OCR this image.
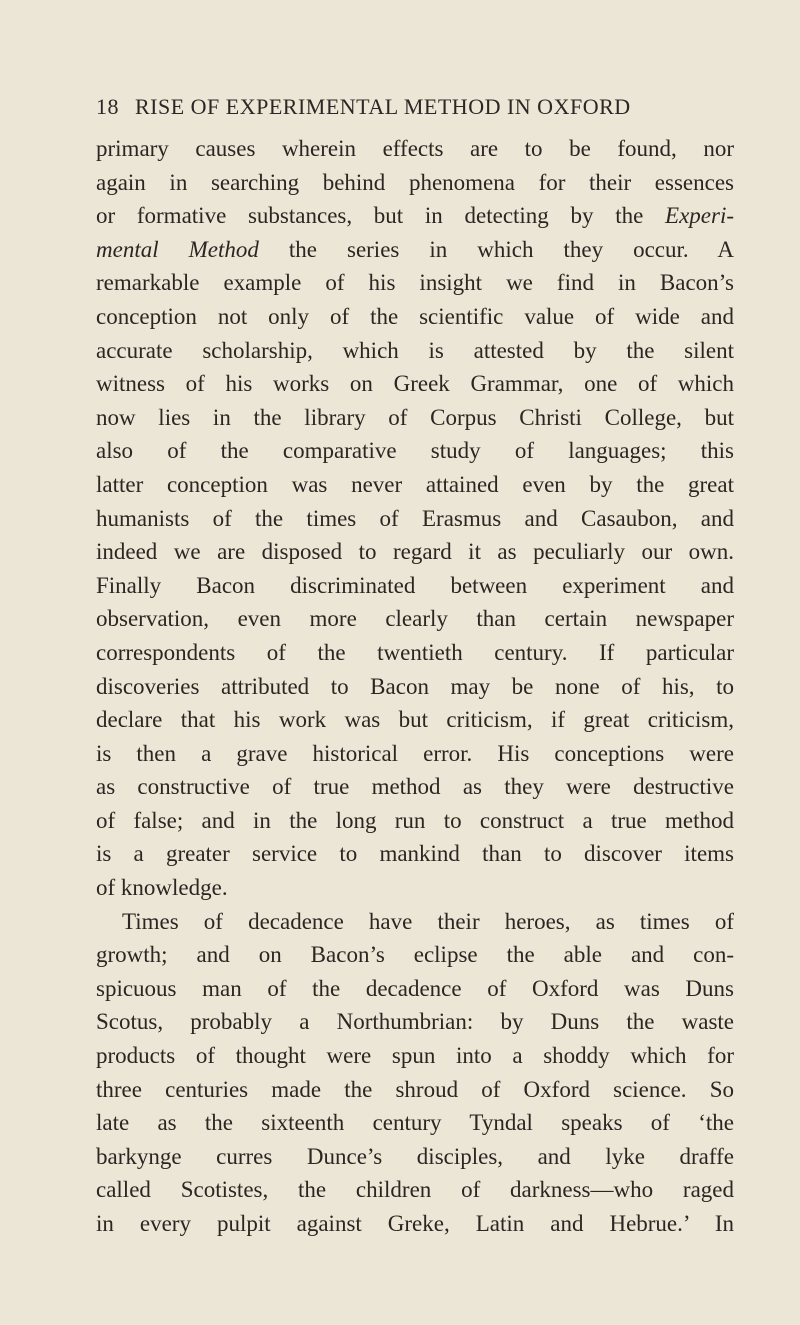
18 RISE OF EXPERIMENTAL METHOD IN OXFORD
primary causes wherein effects are to be found, nor
again in searching behind phenomena for their essences
or formative substances, but in detecting by the Experi-
mental Method the series in which they occur. A
remarkable example of his insight we find in Bacon’s
conception not only of the scientific value of wide and
accurate scholarship, which is attested by the silent
witness of his works on Greek Grammar, one of which
now lies in the library of Corpus Christi College, but
also of the comparative study of languages; this
latter conception was never attained even by the great
humanists of the times of Erasmus and Casaubon, and
indeed we are disposed to regard it as peculiarly our own.
Finally Bacon discriminated between experiment and
observation, even more clearly than certain newspaper
correspondents of the twentieth century. If particular
discoveries attributed to Bacon may be none of his, to
declare that his work was but criticism, if great criticism,
is then a grave historical error. His conceptions were
as constructive of true method as they were destructive
of false; and in the long run to construct a true method
is a greater service to mankind than to discover items
of knowledge.
Times of decadence have their heroes, as times of
growth; and on Bacon’s eclipse the able and con-
spicuous man of the decadence of Oxford was Duns
Scotus, probably a Northumbrian: by Duns the waste
products of thought were spun into a shoddy which for
three centuries made the shroud of Oxford science. So
late as the sixteenth century Tyndal speaks of ‘the
barkynge curres Dunce’s disciples, and lyke draffe
called Scotistes, the children of darkness—who raged
in every pulpit against Greke, Latin and Hebrue.’ In
